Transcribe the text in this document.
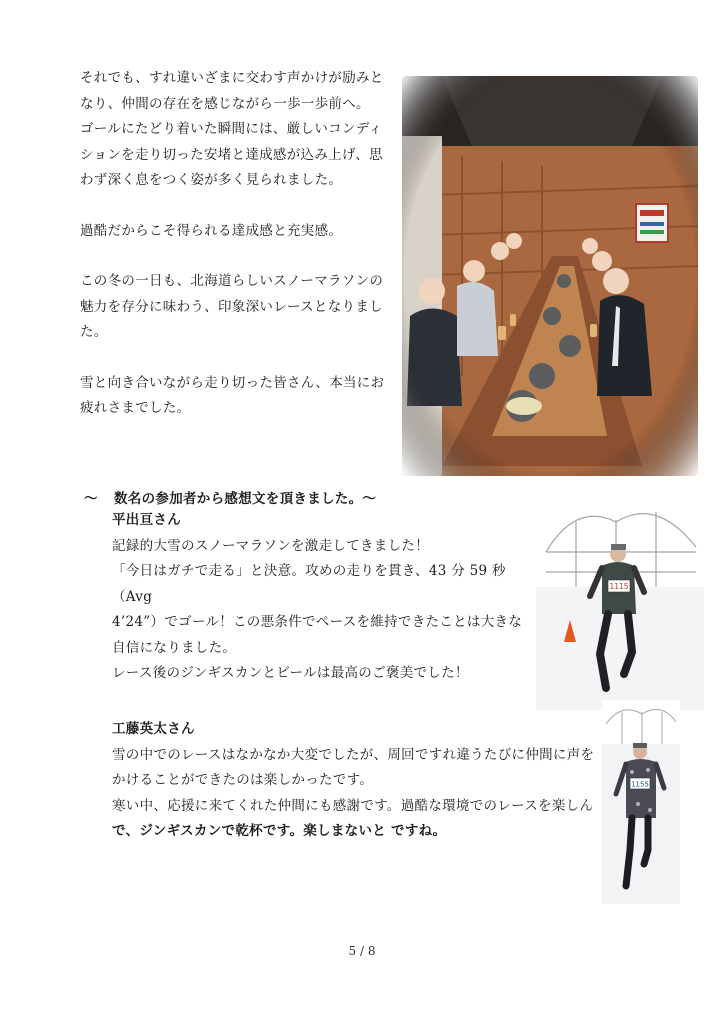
それでも、すれ違いざまに交わす声かけが励みと
なり、仲間の存在を感じながら一歩一歩前へ。
ゴールにたどり着いた瞬間には、厳しいコンディ
ションを走り切った安堵と達成感が込み上げ、思
わず深く息をつく姿が多く見られました。

過酷だからこそ得られる達成感と充実感。

この冬の一日も、北海道らしいスノーマラソンの
魅力を存分に味わう、印象深いレースとなりまし
た。

雪と向き合いながら走り切った皆さん、本当にお
疲れさまでした。

～ 数名の参加者から感想文を頂きました。～

平出亘さん

記録的大雪のスノーマラソンを激走してきました！

「今日はガチで走る」と決意。攻めの走りを貫き、43 分 59 秒（Avg

4’24”）でゴール！この悪条件でペースを維持できたことは大きな

自信になりました。

レース後のジンギスカンとビールは最高のご褒美でした！

1115

工藤英太さん

雪の中でのレースはなかなか大変でしたが、周回ですれ違うたびに仲間に声を

かけることができたのは楽しかったです。

寒い中、応援に来てくれた仲間にも感謝です。過酷な環境でのレースを楽しん

で、ジンギスカンで乾杯です。楽しまないと ですね。

1155
5 / 8
